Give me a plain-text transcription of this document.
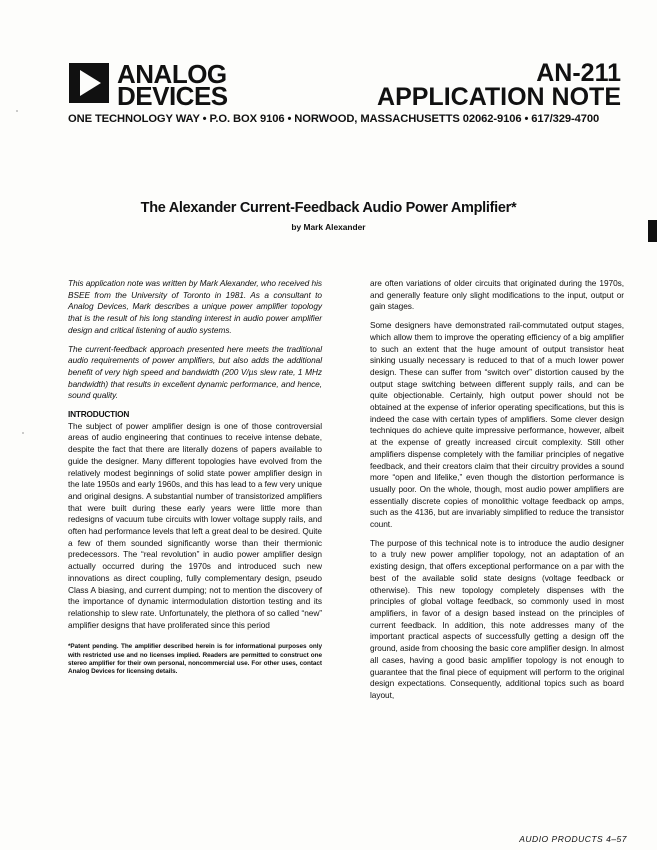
ANALOG
DEVICES
AN-211
APPLICATION NOTE
ONE TECHNOLOGY WAY • P.O. BOX 9106 • NORWOOD, MASSACHUSETTS 02062-9106 • 617/329-4700
The Alexander Current-Feedback Audio Power Amplifier*
by Mark Alexander

This application note was written by Mark Alexander, who received his BSEE from the University of Toronto in 1981. As a consultant to Analog Devices, Mark describes a unique power amplifier topology that is the result of his long standing interest in audio power amplifier design and critical listening of audio systems.

The current-feedback approach presented here meets the traditional audio requirements of power amplifiers, but also adds the additional benefit of very high speed and bandwidth (200 V/µs slew rate, 1 MHz bandwidth) that results in excellent dynamic performance, and hence, sound quality.

INTRODUCTION

The subject of power amplifier design is one of those controversial areas of audio engineering that continues to receive intense debate, despite the fact that there are literally dozens of papers available to guide the designer. Many different topologies have evolved from the relatively modest beginnings of solid state power amplifier design in the late 1950s and early 1960s, and this has lead to a few very unique and original designs. A substantial number of transistorized amplifiers that were built during these early years were little more than redesigns of vacuum tube circuits with lower voltage supply rails, and often had performance levels that left a great deal to be desired. Quite a few of them sounded significantly worse than their thermionic predecessors. The “real revolution” in audio power amplifier design actually occurred during the 1970s and introduced such new innovations as direct coupling, fully complementary design, pseudo Class A biasing, and current dumping; not to mention the discovery of the importance of dynamic intermodulation distortion testing and its relationship to slew rate. Unfortunately, the plethora of so called “new” amplifier designs that have proliferated since this period

*Patent pending. The amplifier described herein is for informational purposes only with restricted use and no licenses implied. Readers are permitted to construct one stereo amplifier for their own personal, noncommercial use. For other uses, contact Analog Devices for licensing details.

are often variations of older circuits that originated during the 1970s, and generally feature only slight modifications to the input, output or gain stages.

Some designers have demonstrated rail-commutated output stages, which allow them to improve the operating efficiency of a big amplifier to such an extent that the huge amount of output transistor heat sinking usually necessary is reduced to that of a much lower power design. These can suffer from “switch over” distortion caused by the output stage switching between different supply rails, and can be quite objectionable. Certainly, high output power should not be obtained at the expense of inferior operating specifications, but this is indeed the case with certain types of amplifiers. Some clever design techniques do achieve quite impressive performance, however, albeit at the expense of greatly increased circuit complexity. Still other amplifiers dispense completely with the familiar principles of negative feedback, and their creators claim that their circuitry provides a sound more “open and lifelike,” even though the distortion performance is usually poor. On the whole, though, most audio power amplifiers are essentially discrete copies of monolithic voltage feedback op amps, such as the 4136, but are invariably simplified to reduce the transistor count.

The purpose of this technical note is to introduce the audio designer to a truly new power amplifier topology, not an adaptation of an existing design, that offers exceptional performance on a par with the best of the available solid state designs (voltage feedback or otherwise). This new topology completely dispenses with the principles of global voltage feedback, so commonly used in most amplifiers, in favor of a design based instead on the principles of current feedback. In addition, this note addresses many of the important practical aspects of successfully getting a design off the ground, aside from choosing the basic core amplifier design. In almost all cases, having a good basic amplifier topology is not enough to guarantee that the final piece of equipment will perform to the original design expectations. Consequently, additional topics such as board layout,

AUDIO PRODUCTS 4–57
